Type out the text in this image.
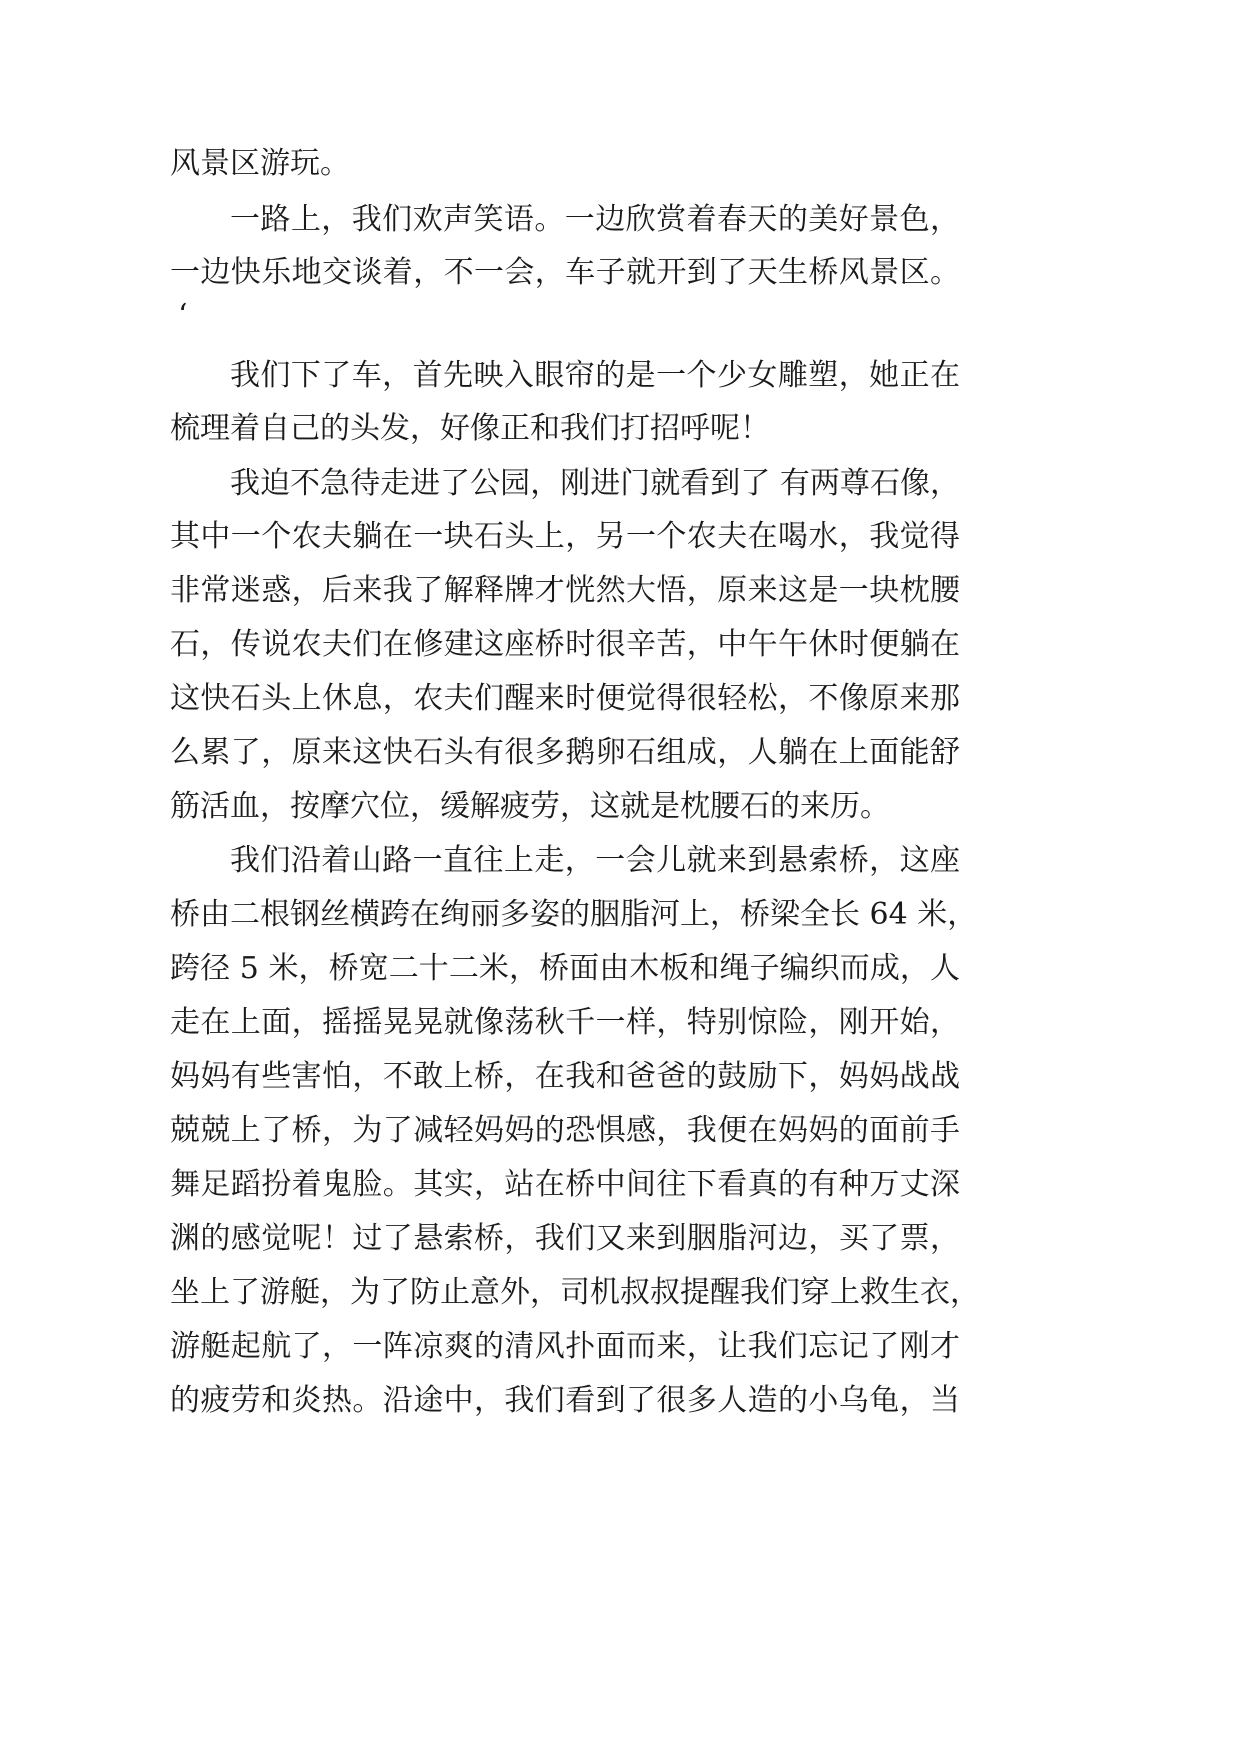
风景区游玩。
一路上，我们欢声笑语。一边欣赏着春天的美好景色，
一边快乐地交谈着，不一会，车子就开到了天生桥风景区。
‘
我们下了车，首先映入眼帘的是一个少女雕塑，她正在
梳理着自己的头发，好像正和我们打招呼呢！
我迫不急待走进了公园，刚进门就看到了 有两尊石像，
其中一个农夫躺在一块石头上，另一个农夫在喝水，我觉得
非常迷惑，后来我了解释牌才恍然大悟，原来这是一块枕腰
石，传说农夫们在修建这座桥时很辛苦，中午午休时便躺在
这快石头上休息，农夫们醒来时便觉得很轻松，不像原来那
么累了，原来这快石头有很多鹅卵石组成，人躺在上面能舒
筋活血，按摩穴位，缓解疲劳，这就是枕腰石的来历。
我们沿着山路一直往上走，一会儿就来到悬索桥，这座
桥由二根钢丝横跨在绚丽多姿的胭脂河上，桥梁全长 64 米，
跨径 5 米，桥宽二十二米，桥面由木板和绳子编织而成，人
走在上面，摇摇晃晃就像荡秋千一样，特别惊险，刚开始，
妈妈有些害怕，不敢上桥，在我和爸爸的鼓励下，妈妈战战
兢兢上了桥，为了减轻妈妈的恐惧感，我便在妈妈的面前手
舞足蹈扮着鬼脸。其实，站在桥中间往下看真的有种万丈深
渊的感觉呢！过了悬索桥，我们又来到胭脂河边，买了票，
坐上了游艇，为了防止意外，司机叔叔提醒我们穿上救生衣，
游艇起航了，一阵凉爽的清风扑面而来，让我们忘记了刚才
的疲劳和炎热。沿途中，我们看到了很多人造的小乌龟，当
